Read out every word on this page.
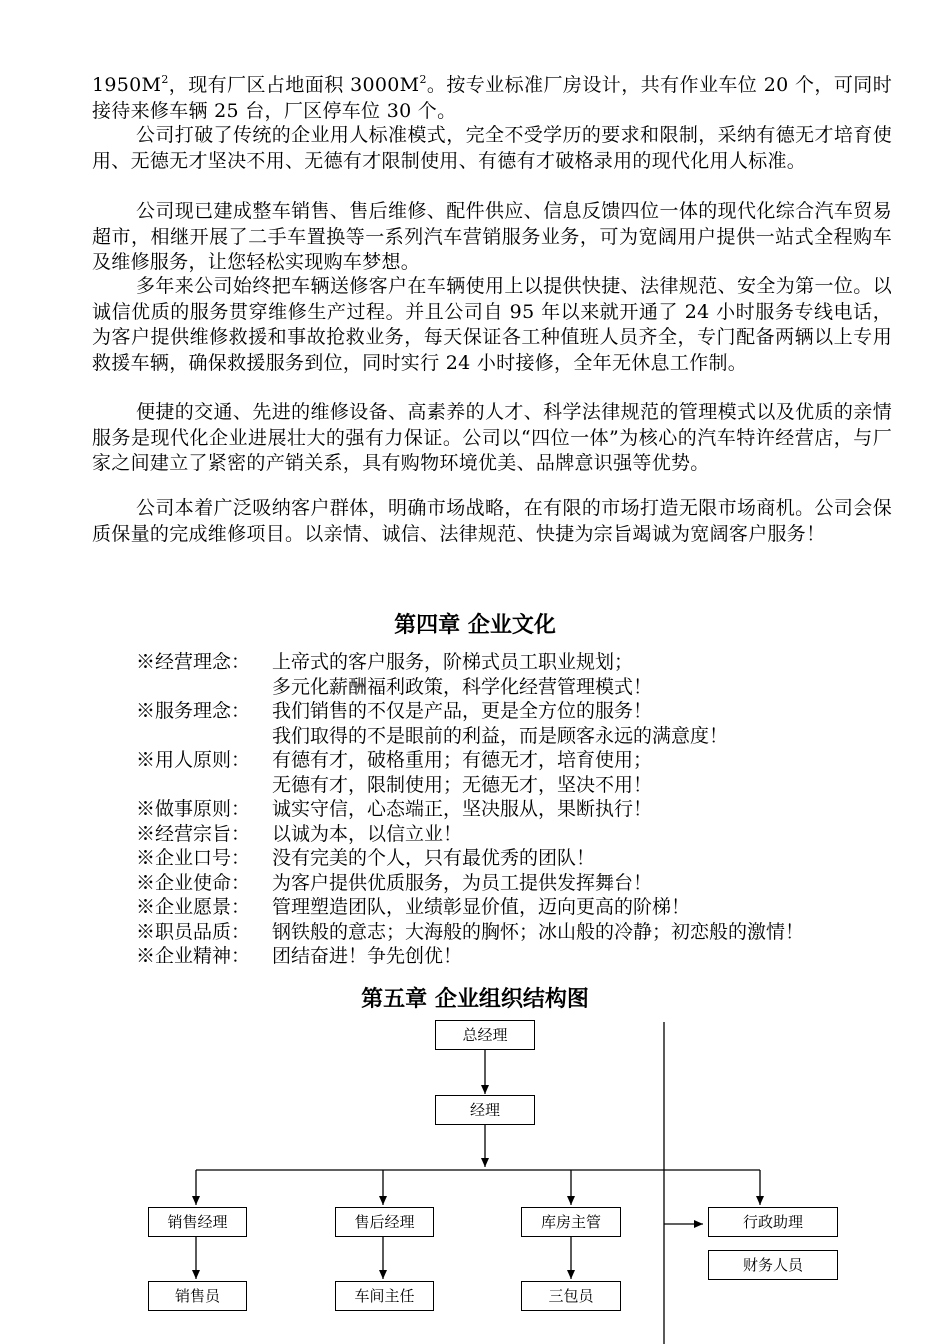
$1950M^2$，现有厂区占地面积 $3000M^2$。按专业标准厂房设计，共有作业车位 20 个，可同时接待来修车辆 25 台，厂区停车位 30 个。
公司打破了传统的企业用人标准模式，完全不受学历的要求和限制，采纳有德无才培育使用、无德无才坚决不用、无德有才限制使用、有德有才破格录用的现代化用人标准。
公司现已建成整车销售、售后维修、配件供应、信息反馈四位一体的现代化综合汽车贸易超市，相继开展了二手车置换等一系列汽车营销服务业务，可为宽阔用户提供一站式全程购车及维修服务，让您轻松实现购车梦想。
多年来公司始终把车辆送修客户在车辆使用上以提供快捷、法律规范、安全为第一位。以诚信优质的服务贯穿维修生产过程。并且公司自 95 年以来就开通了 24 小时服务专线电话，为客户提供维修救援和事故抢救业务，每天保证各工种值班人员齐全，专门配备两辆以上专用救援车辆，确保救援服务到位，同时实行 24 小时接修，全年无休息工作制。
便捷的交通、先进的维修设备、高素养的人才、科学法律规范的管理模式以及优质的亲情服务是现代化企业进展壮大的强有力保证。公司以“四位一体”为核心的汽车特许经营店，与厂家之间建立了紧密的产销关系，具有购物环境优美、品牌意识强等优势。
公司本着广泛吸纳客户群体，明确市场战略，在有限的市场打造无限市场商机。公司会保质保量的完成维修项目。以亲情、诚信、法律规范、快捷为宗旨竭诚为宽阔客户服务！
第四章 企业文化
※经营理念：	上帝式的客户服务，阶梯式员工职业规划；
多元化薪酬福利政策，科学化经营管理模式！
※服务理念：	我们销售的不仅是产品，更是全方位的服务！
我们取得的不是眼前的利益，而是顾客永远的满意度！
※用人原则：	有德有才，破格重用；有德无才，培育使用；
无德有才，限制使用；无德无才，坚决不用！
※做事原则：	诚实守信，心态端正，坚决服从，果断执行！
※经营宗旨：	以诚为本，以信立业！
※企业口号：	没有完美的个人，只有最优秀的团队！
※企业使命：	为客户提供优质服务，为员工提供发挥舞台！
※企业愿景：	管理塑造团队，业绩彰显价值，迈向更高的阶梯！
※职员品质：	钢铁般的意志；大海般的胸怀；冰山般的冷静；初恋般的激情！
※企业精神：	团结奋进！争先创优！
第五章 企业组织结构图
总经理
经理
销售经理	售后经理	库房主管	行政助理
财务人员
销售员	车间主任	三包员
